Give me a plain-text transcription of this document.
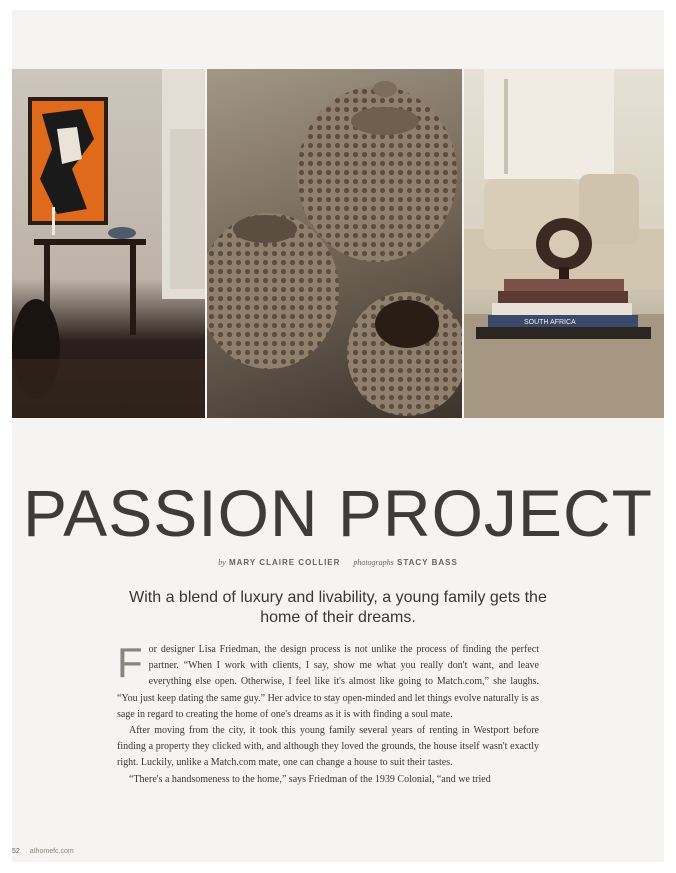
SOUTH AFRICA
PASSION PROJECT
by MARY CLAIRE COLLIER photographs STACY BASS

With a blend of luxury and livability, a young family gets the home of their dreams.

For designer Lisa Friedman, the design process is not unlike the process of finding the perfect partner. “When I work with clients, I say, show me what you really don't want, and leave everything else open. Otherwise, I feel like it's almost like going to Match.com,” she laughs. “You just keep dating the same guy.” Her advice to stay open-minded and let things evolve naturally is as sage in regard to creating the home of one's dreams as it is with finding a soul mate.

After moving from the city, it took this young family several years of renting in Westport before finding a property they clicked with, and although they loved the grounds, the house itself wasn't exactly right. Luckily, unlike a Match.com mate, one can change a house to suit their tastes.

“There's a handsomeness to the home,” says Friedman of the 1939 Colonial, “and we tried

52 athomefc.com
